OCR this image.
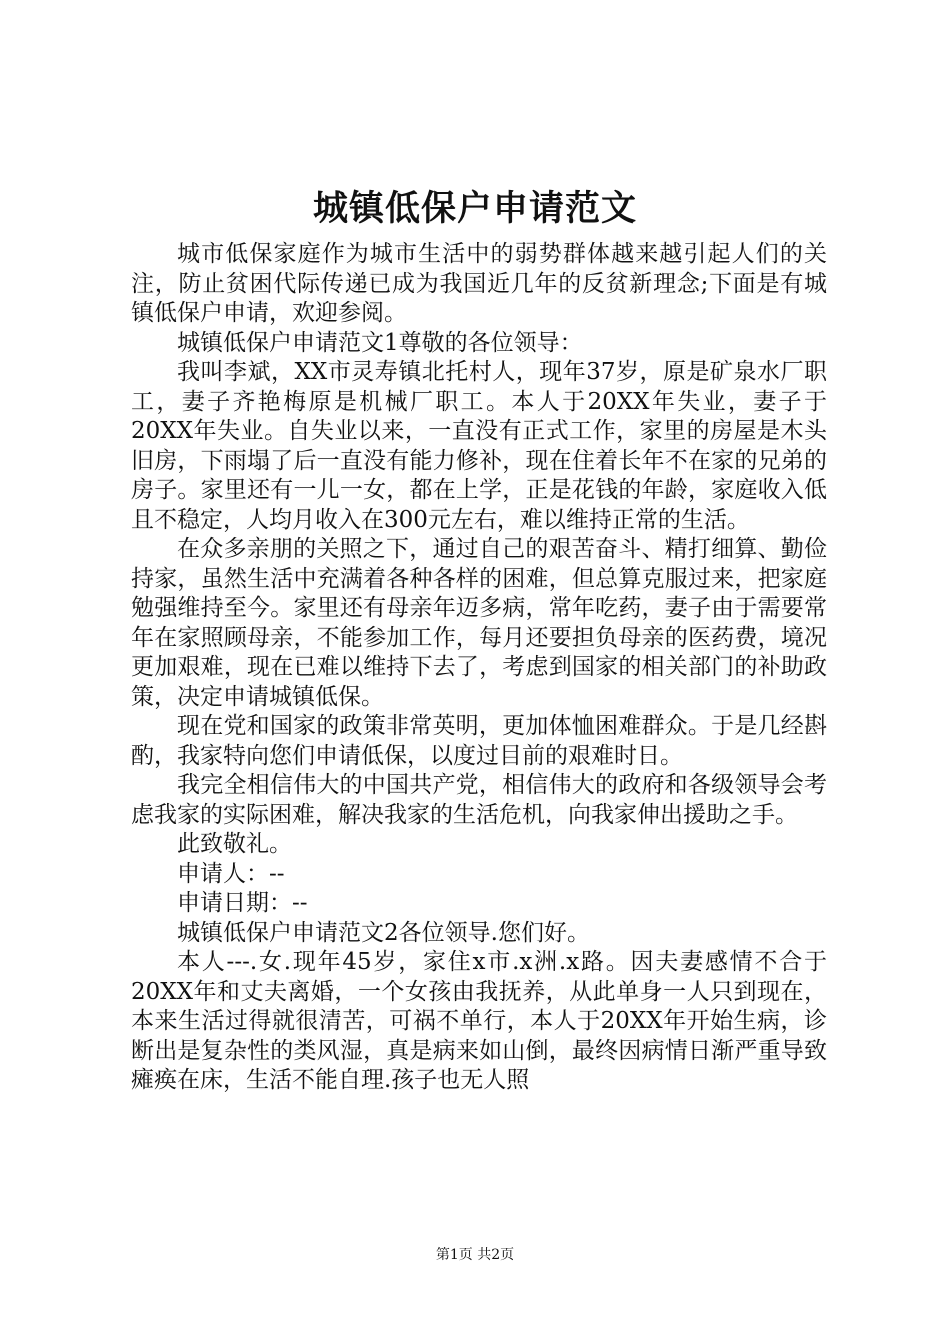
城镇低保户申请范文

城市低保家庭作为城市生活中的弱势群体越来越引起人们的关注，防止贫困代际传递已成为我国近几年的反贫新理念;下面是有城镇低保户申请，欢迎参阅。

城镇低保户申请范文1尊敬的各位领导：

我叫李斌，XX市灵寿镇北托村人，现年37岁，原是矿泉水厂职工，妻子齐艳梅原是机械厂职工。本人于20XX年失业，妻子于20XX年失业。自失业以来，一直没有正式工作，家里的房屋是木头旧房，下雨塌了后一直没有能力修补，现在住着长年不在家的兄弟的房子。家里还有一儿一女，都在上学，正是花钱的年龄，家庭收入低且不稳定，人均月收入在300元左右，难以维持正常的生活。

在众多亲朋的关照之下，通过自己的艰苦奋斗、精打细算、勤俭持家，虽然生活中充满着各种各样的困难，但总算克服过来，把家庭勉强维持至今。家里还有母亲年迈多病，常年吃药，妻子由于需要常年在家照顾母亲，不能参加工作，每月还要担负母亲的医药费，境况更加艰难，现在已难以维持下去了，考虑到国家的相关部门的补助政策，决定申请城镇低保。

现在党和国家的政策非常英明，更加体恤困难群众。于是几经斟酌，我家特向您们申请低保，以度过目前的艰难时日。

我完全相信伟大的中国共产党，相信伟大的政府和各级领导会考虑我家的实际困难，解决我家的生活危机，向我家伸出援助之手。

此致敬礼。

申请人：--

申请日期：--

城镇低保户申请范文2各位领导.您们好。

本人---.女.现年45岁，家住x市.x洲.x路。因夫妻感情不合于20XX年和丈夫离婚，一个女孩由我抚养，从此单身一人只到现在，本来生活过得就很清苦，可祸不单行，本人于20XX年开始生病，诊断出是复杂性的类风湿，真是病来如山倒，最终因病情日渐严重导致瘫痪在床，生活不能自理.孩子也无人照

第1页 共2页
